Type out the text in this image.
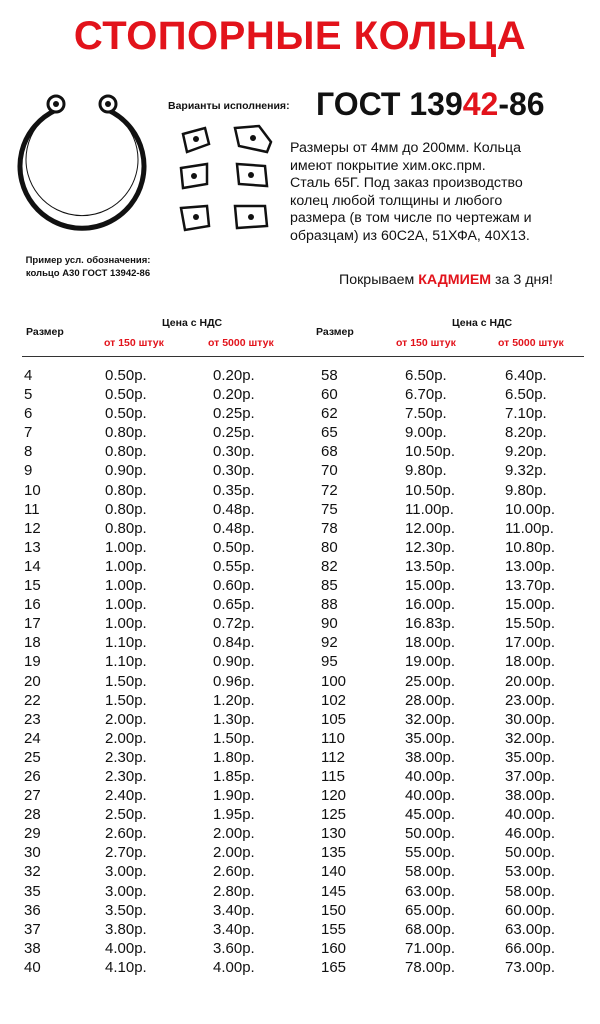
СТОПОРНЫЕ КОЛЬЦА
Пример усл. обозначения:
кольцо А30 ГОСТ 13942-86
Варианты исполнения: ГОСТ 13942-86
Размеры от 4мм до 200мм. Кольца
имеют покрытие хим.окс.прм.
Сталь 65Г. Под заказ производство
колец любой толщины и любого
размера (в том числе по чертежам и
образцам) из 60С2А, 51ХФА, 40Х13.
Покрываем КАДМИЕМ за 3 дня!
Размер
Цена с НДС
от 150 штук	от 5000 штук
Размер
Цена с НДС
от 150 штук	от 5000 штук
4	0.50р.	0.20р.	58	6.50р.	6.40р.
5	0.50р.	0.20р.	60	6.70р.	6.50р.
6	0.50р.	0.25р.	62	7.50р.	7.10р.
7	0.80р.	0.25р.	65	9.00р.	8.20р.
8	0.80р.	0.30р.	68	10.50р.	9.20р.
9	0.90р.	0.30р.	70	9.80р.	9.32р.
10	0.80р.	0.35р.	72	10.50р.	9.80р.
11	0.80р.	0.48р.	75	11.00р.	10.00р.
12	0.80р.	0.48р.	78	12.00р.	11.00р.
13	1.00р.	0.50р.	80	12.30р.	10.80р.
14	1.00р.	0.55р.	82	13.50р.	13.00р.
15	1.00р.	0.60р.	85	15.00р.	13.70р.
16	1.00р.	0.65р.	88	16.00р.	15.00р.
17	1.00р.	0.72р.	90	16.83р.	15.50р.
18	1.10р.	0.84р.	92	18.00р.	17.00р.
19	1.10р.	0.90р.	95	19.00р.	18.00р.
20	1.50р.	0.96р.	100	25.00р.	20.00р.
22	1.50р.	1.20р.	102	28.00р.	23.00р.
23	2.00р.	1.30р.	105	32.00р.	30.00р.
24	2.00р.	1.50р.	110	35.00р.	32.00р.
25	2.30р.	1.80р.	112	38.00р.	35.00р.
26	2.30р.	1.85р.	115	40.00р.	37.00р.
27	2.40р.	1.90р.	120	40.00р.	38.00р.
28	2.50р.	1.95р.	125	45.00р.	40.00р.
29	2.60р.	2.00р.	130	50.00р.	46.00р.
30	2.70р.	2.00р.	135	55.00р.	50.00р.
32	3.00р.	2.60р.	140	58.00р.	53.00р.
35	3.00р.	2.80р.	145	63.00р.	58.00р.
36	3.50р.	3.40р.	150	65.00р.	60.00р.
37	3.80р.	3.40р.	155	68.00р.	63.00р.
38	4.00р.	3.60р.	160	71.00р.	66.00р.
40	4.10р.	4.00р.	165	78.00р.	73.00р.
